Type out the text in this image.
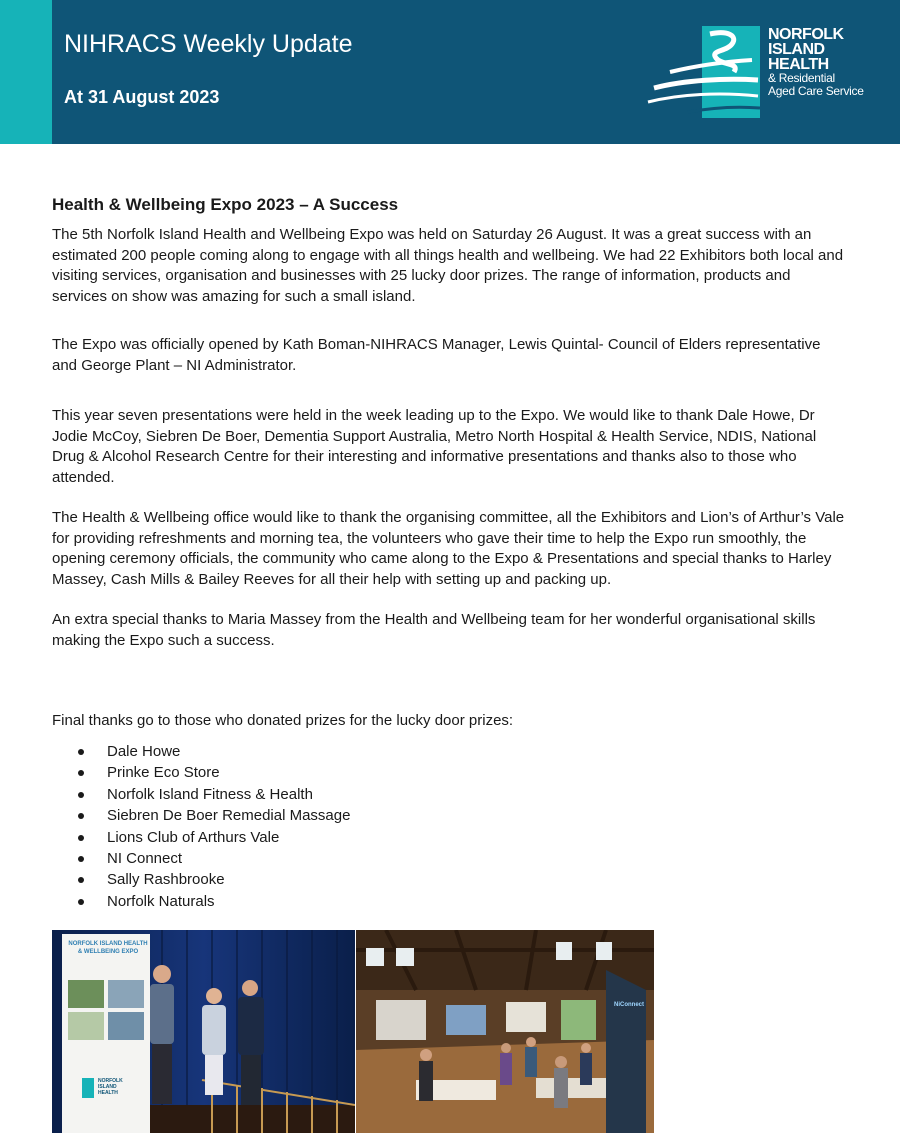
NIHRACS Weekly Update
At 31 August 2023
NORFOLK
ISLAND
HEALTH
& Residential
Aged Care Service
Health & Wellbeing Expo 2023 – A Success

The 5th Norfolk Island Health and Wellbeing Expo was held on Saturday 26 August. It was a great success with an estimated 200 people coming along to engage with all things health and wellbeing. We had 22 Exhibitors both local and visiting services, organisation and businesses with 25 lucky door prizes. The range of information, products and services on show was amazing for such a small island.

The Expo was officially opened by Kath Boman-NIHRACS Manager, Lewis Quintal- Council of Elders representative and George Plant – NI Administrator.

This year seven presentations were held in the week leading up to the Expo. We would like to thank Dale Howe, Dr Jodie McCoy, Siebren De Boer, Dementia Support Australia, Metro North Hospital & Health Service, NDIS, National Drug & Alcohol Research Centre for their interesting and informative presentations and thanks also to those who attended.

The Health & Wellbeing office would like to thank the organising committee, all the Exhibitors and Lion’s of Arthur’s Vale for providing refreshments and morning tea, the volunteers who gave their time to help the Expo run smoothly, the opening ceremony officials, the community who came along to the Expo & Presentations and special thanks to Harley Massey, Cash Mills & Bailey Reeves for all their help with setting up and packing up.

An extra special thanks to Maria Massey from the Health and Wellbeing team for her wonderful organisational skills making the Expo such a success.

Final thanks go to those who donated prizes for the lucky door prizes:

Dale Howe
Prinke Eco Store
Norfolk Island Fitness & Health
Siebren De Boer Remedial Massage
Lions Club of Arthurs Vale
NI Connect
Sally Rashbrooke
Norfolk Naturals
NORFOLK ISLAND HEALTH
& WELLBEING EXPO
NORFOLK
ISLAND
HEALTH
NiConnect
